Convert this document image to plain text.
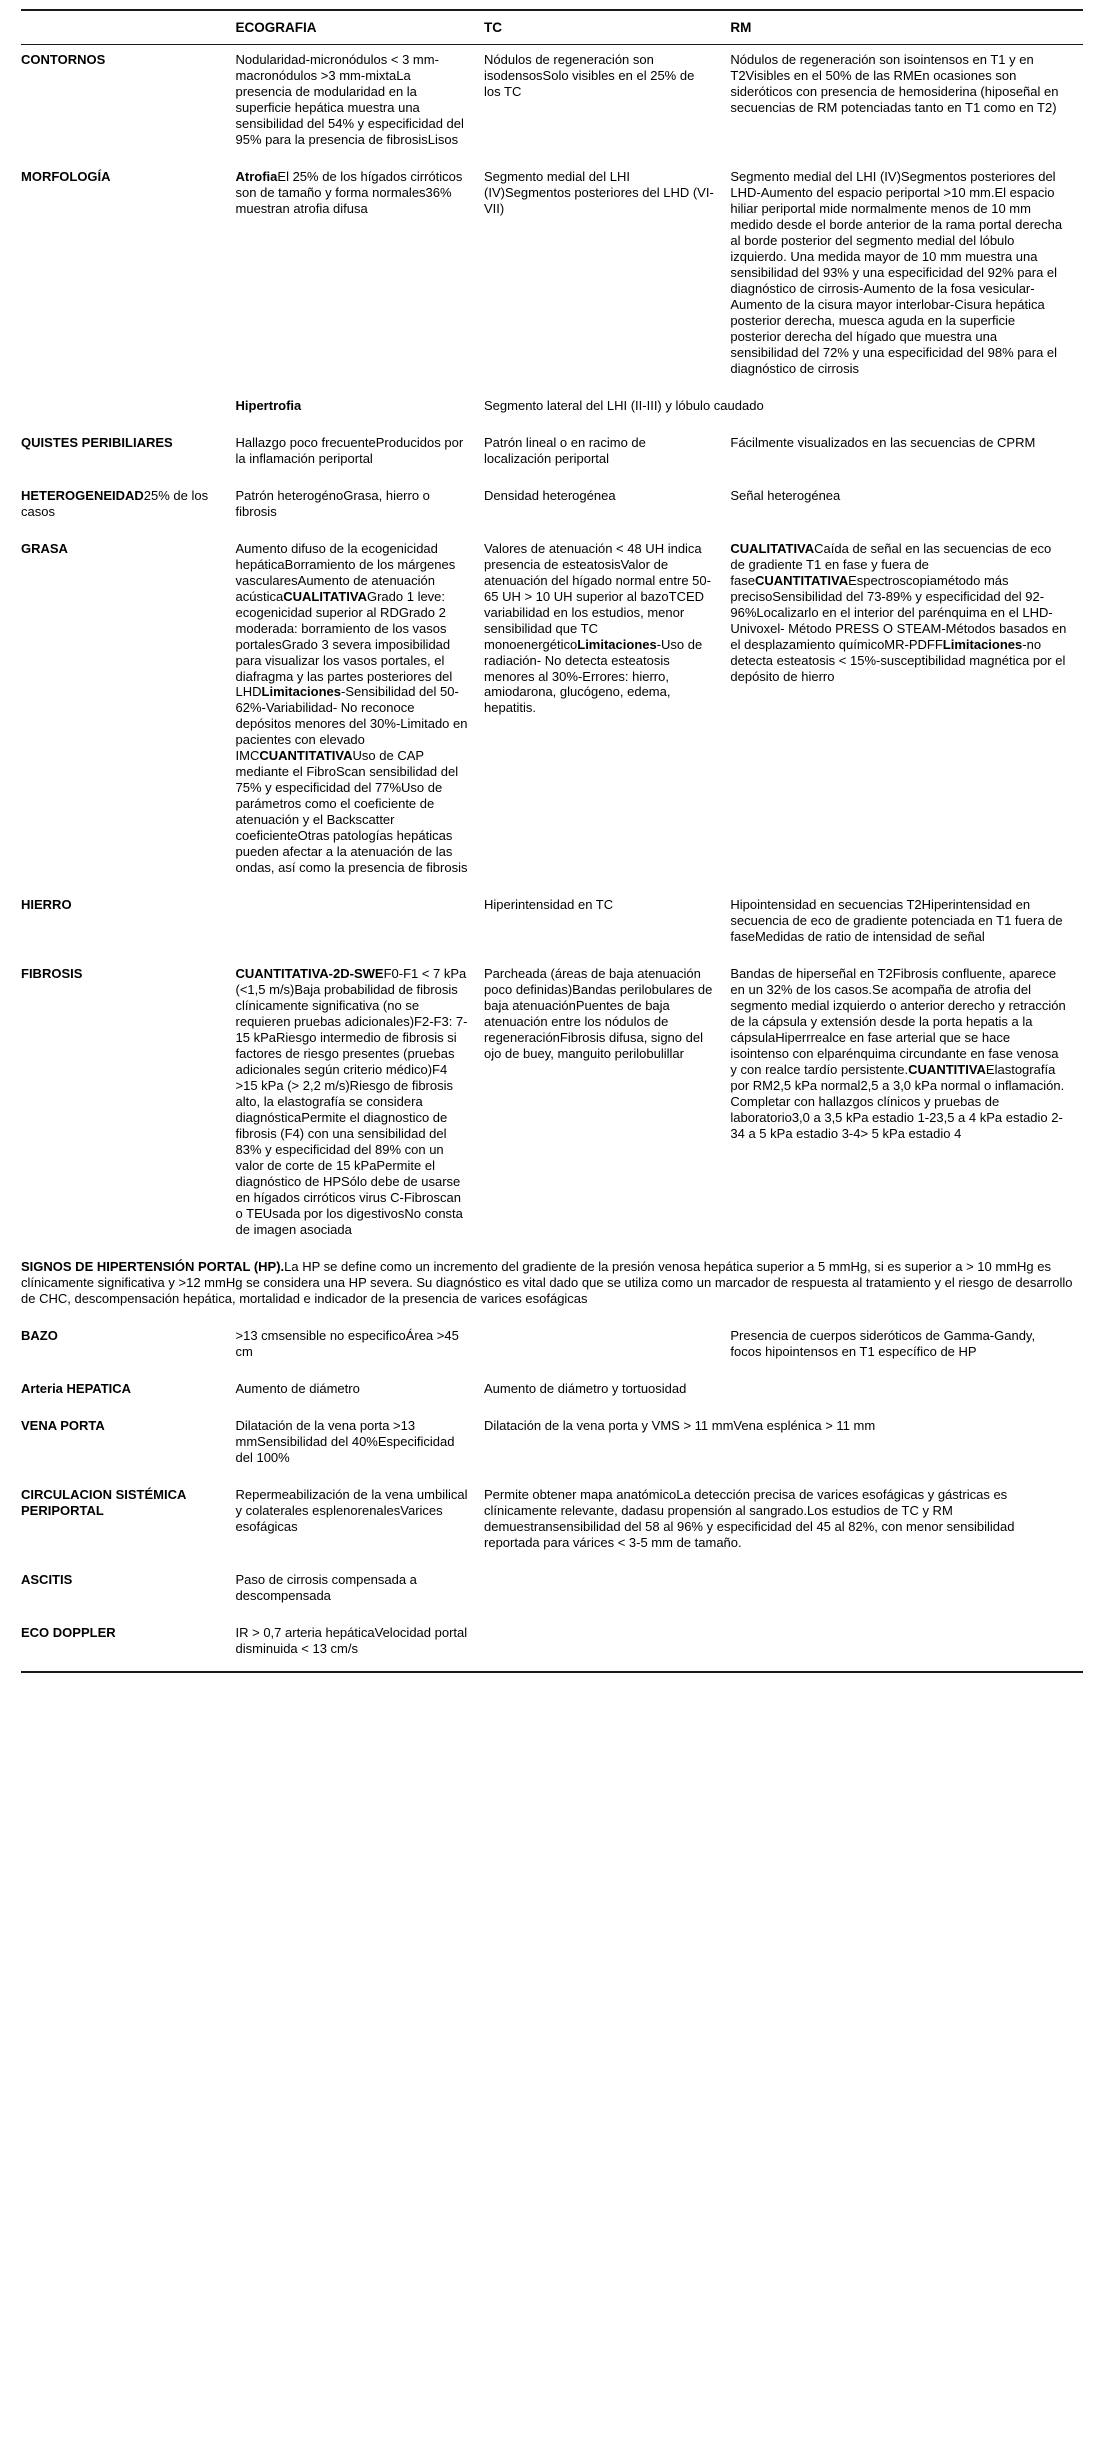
	ECOGRAFIA	TC	RM
CONTORNOS	Nodularidad-micronódulos < 3 mm-macronódulos >3 mm-mixtaLa presencia de modularidad en la superficie hepática muestra una sensibilidad del 54% y especificidad del 95% para la presencia de fibrosisLisos	Nódulos de regeneración son isodensosSolo visibles en el 25% de los TC	Nódulos de regeneración son isointensos en T1 y en T2Visibles en el 50% de las RMEn ocasiones son sideróticos con presencia de hemosiderina (hiposeñal en secuencias de RM potenciadas tanto en T1 como en T2)
MORFOLOGÍA	AtrofiaEl 25% de los hígados cirróticos son de tamaño y forma normales36% muestran atrofia difusa	Segmento medial del LHI (IV)Segmentos posteriores del LHD (VI-VII)	Segmento medial del LHI (IV)Segmentos posteriores del LHD-Aumento del espacio periportal >10 mm.El espacio hiliar periportal mide normalmente menos de 10 mm medido desde el borde anterior de la rama portal derecha al borde posterior del segmento medial del lóbulo izquierdo. Una medida mayor de 10 mm muestra una sensibilidad del 93% y una especificidad del 92% para el diagnóstico de cirrosis-Aumento de la fosa vesicular-Aumento de la cisura mayor interlobar-Cisura hepática posterior derecha, muesca aguda en la superficie posterior derecha del hígado que muestra una sensibilidad del 72% y una especificidad del 98% para el diagnóstico de cirrosis
	Hipertrofia	Segmento lateral del LHI (II-III) y lóbulo caudado	
QUISTES PERIBILIARES	Hallazgo poco frecuenteProducidos por la inflamación periportal	Patrón lineal o en racimo de localización periportal	Fácilmente visualizados en las secuencias de CPRM
HETEROGENEIDAD25% de los casos	Patrón heterogénoGrasa, hierro o fibrosis	Densidad heterogénea	Señal heterogénea
GRASA	Aumento difuso de la ecogenicidad hepáticaBorramiento de los márgenes vascularesAumento de atenuación acústicaCUALITATIVAGrado 1 leve: ecogenicidad superior al RDGrado 2 moderada: borramiento de los vasos portalesGrado 3 severa imposibilidad para visualizar los vasos portales, el diafragma y las partes posteriores del LHDLimitaciones-Sensibilidad del 50-62%-Variabilidad- No reconoce depósitos menores del 30%-Limitado en pacientes con elevado IMCCUANTITATIVAUso de CAP mediante el FibroScan sensibilidad del 75% y especificidad del 77%Uso de parámetros como el coeficiente de atenuación y el Backscatter coeficienteOtras patologías hepáticas pueden afectar a la atenuación de las ondas, así como la presencia de fibrosis	Valores de atenuación < 48 UH indica presencia de esteatosisValor de atenuación del hígado normal entre 50-65 UH > 10 UH superior al bazoTCED variabilidad en los estudios, menor sensibilidad que TC monoenergéticoLimitaciones-Uso de radiación- No detecta esteatosis menores al 30%-Errores: hierro, amiodarona, glucógeno, edema, hepatitis.	CUALITATIVACaída de señal en las secuencias de eco de gradiente T1 en fase y fuera de faseCUANTITATIVAEspectroscopiamétodo más precisoSensibilidad del 73-89% y especificidad del 92-96%Localizarlo en el interior del parénquima en el LHD-Univoxel- Método PRESS O STEAM-Métodos basados en el desplazamiento químicoMR-PDFFLimitaciones-no detecta esteatosis < 15%-susceptibilidad magnética por el depósito de hierro
HIERRO		Hiperintensidad en TC	Hipointensidad en secuencias T2Hiperintensidad en secuencia de eco de gradiente potenciada en T1 fuera de faseMedidas de ratio de intensidad de señal
FIBROSIS	CUANTITATIVA-2D-SWEF0-F1 < 7 kPa (<1,5 m/s)Baja probabilidad de fibrosis clínicamente significativa (no se requieren pruebas adicionales)F2-F3: 7-15 kPaRiesgo intermedio de fibrosis si factores de riesgo presentes (pruebas adicionales según criterio médico)F4 >15 kPa (> 2,2 m/s)Riesgo de fibrosis alto, la elastografía se considera diagnósticaPermite el diagnostico de fibrosis (F4) con una sensibilidad del 83% y especificidad del 89% con un valor de corte de 15 kPaPermite el diagnóstico de HPSólo debe de usarse en hígados cirróticos virus C-Fibroscan o TEUsada por los digestivosNo consta de imagen asociada	Parcheada (áreas de baja atenuación poco definidas)Bandas perilobulares de baja atenuaciónPuentes de baja atenuación entre los nódulos de regeneraciónFibrosis difusa, signo del ojo de buey, manguito perilobulillar	Bandas de hiperseñal en T2Fibrosis confluente, aparece en un 32% de los casos.Se acompaña de atrofia del segmento medial izquierdo o anterior derecho y retracción de la cápsula y extensión desde la porta hepatis a la cápsulaHiperrrealce en fase arterial que se hace isointenso con elparénquima circundante en fase venosa y con realce tardío persistente.CUANTITIVAElastografía por RM2,5 kPa normal2,5 a 3,0 kPa normal o inflamación. Completar con hallazgos clínicos y pruebas de laboratorio3,0 a 3,5 kPa estadio 1-23,5 a 4 kPa estadio 2-34 a 5 kPa estadio 3-4> 5 kPa estadio 4
SIGNOS DE HIPERTENSIÓN PORTAL (HP).La HP se define como un incremento del gradiente de la presión venosa hepática superior a 5 mmHg, si es superior a > 10 mmHg es clínicamente significativa y >12 mmHg se considera una HP severa. Su diagnóstico es vital dado que se utiliza como un marcador de respuesta al tratamiento y el riesgo de desarrollo de CHC, descompensación hepática, mortalidad e indicador de la presencia de varices esofágicas			
BAZO	>13 cmsensible no especificoÁrea >45 cm		Presencia de cuerpos sideróticos de Gamma-Gandy, focos hipointensos en T1 específico de HP
Arteria HEPATICA	Aumento de diámetro	Aumento de diámetro y tortuosidad	
VENA PORTA	Dilatación de la vena porta >13 mmSensibilidad del 40%Especificidad del 100%	Dilatación de la vena porta y VMS > 11 mmVena esplénica > 11 mm	
CIRCULACION SISTÉMICA PERIPORTAL	Repermeabilización de la vena umbilical y colaterales esplenorenalesVarices esofágicas	Permite obtener mapa anatómicoLa detección precisa de varices esofágicas y gástricas es clínicamente relevante, dadasu propensión al sangrado.Los estudios de TC y RM demuestransensibilidad del 58 al 96% y especificidad del 45 al 82%, con menor sensibilidad reportada para várices < 3-5 mm de tamaño.	
ASCITIS	Paso de cirrosis compensada a descompensada		
ECO DOPPLER	IR > 0,7 arteria hepáticaVelocidad portal disminuida < 13 cm/s		
